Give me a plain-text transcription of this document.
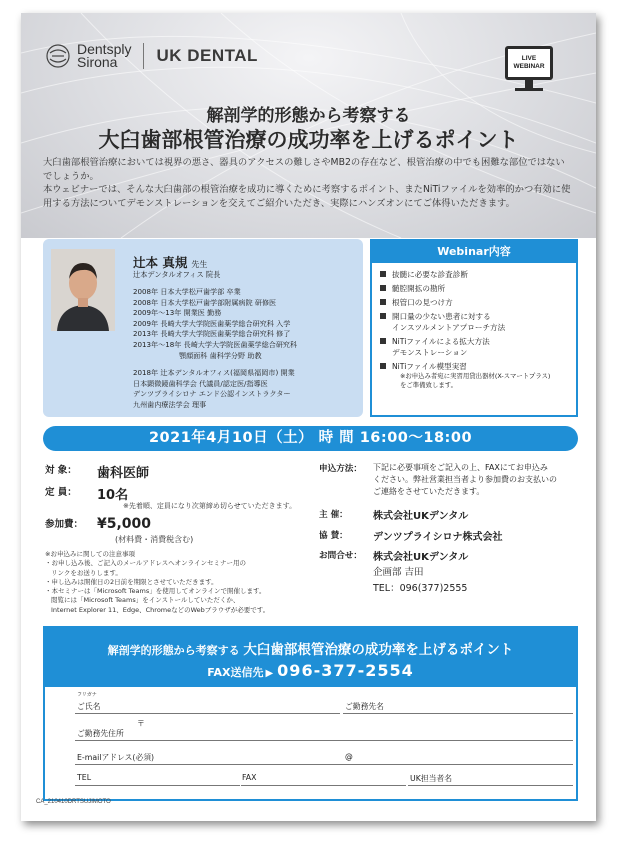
Dentsply
Sirona	UK DENTAL	LIVE
WEBINAR
解剖学的形態から考察する
大臼歯部根管治療の成功率を上げるポイント

大臼歯部根管治療においては視界の悪さ、器具のアクセスの難しさやMB2の存在など、根管治療の中でも困難な部位ではないでしょうか。

本ウェビナーでは、そんな大臼歯部の根管治療を成功に導くために考察するポイント、またNiTiファイルを効率的かつ有効に使用する方法についてデモンストレーションを交えてご紹介いただき、実際にハンズオンにてご体得いただきます。

辻本 真規 先生
辻本デンタルオフィス 院長
2008年 日本大学松戸歯学部 卒業
2008年 日本大学松戸歯学部附属病院 研修医
2009年〜13年 開業医 勤務
2009年 長崎大学大学院医歯薬学総合研究科 入学
2013年 長崎大学大学院医歯薬学総合研究科 修了
2013年〜18年 長崎大学大学院医歯薬学総合研究科
顎顔面科 歯科学分野 助教
2018年 辻本デンタルオフィス(福岡県福岡市) 開業
日本顕微鏡歯科学会 代議員/認定医/指導医
デンツプライシロナ エンド公認インストラクター
九州歯内療法学会 理事
Webinar内容
抜髄に必要な診査診断
髄腔開拡の勘所
根管口の見つけ方
開口量の少ない患者に対する
インスツルメントアプローチ方法
NiTiファイルによる拡大方法
デモンストレーション
NiTiファイル模型実習
※お申込み者宛に実習用貸出器材(X-スマートプラス)
をご準備致します。
2021年4月10日（土） 時 間 16:00〜18:00
対 象：	歯科医師
定 員：	10名
※先着順、定員になり次第締め切らせていただきます。
参加費： ¥5,000
(材料費・消費税含む)
※お申込みに関しての注意事項
・お申し込み後、ご記入のメールアドレスへオンラインセミナー用の
リンクをお送りします。
・申し込みは開催日の2日前を期限とさせていただきます。
・本セミナーは「Microsoft Teams」を使用してオンラインで開催します。
閲覧には「Microsoft Teams」をインストールしていただくか、
Internet Explorer 11、Edge、ChromeなどのWebブラウザが必要です。
申込方法：	下記に必要事項をご記入の上、FAXにてお申込み
ください。弊社営業担当者より参加費のお支払いの
ご連絡をさせていただきます。
主 催：	株式会社UKデンタル
協 賛：	デンツプライシロナ株式会社
お問合せ：	株式会社UKデンタル
企画部 吉田
TEL：096(377)2555
解剖学的形態から考察する 大臼歯部根管治療の成功率を上げるポイント
FAX送信先 ▶ 096-377-2554
フリガナ
ご氏名	ご勤務先名
〒
ご勤務先住所
E-mailアドレス(必須)	@
TEL	FAX	UK担当者名
CA_210410DRTSUJIMOTO
